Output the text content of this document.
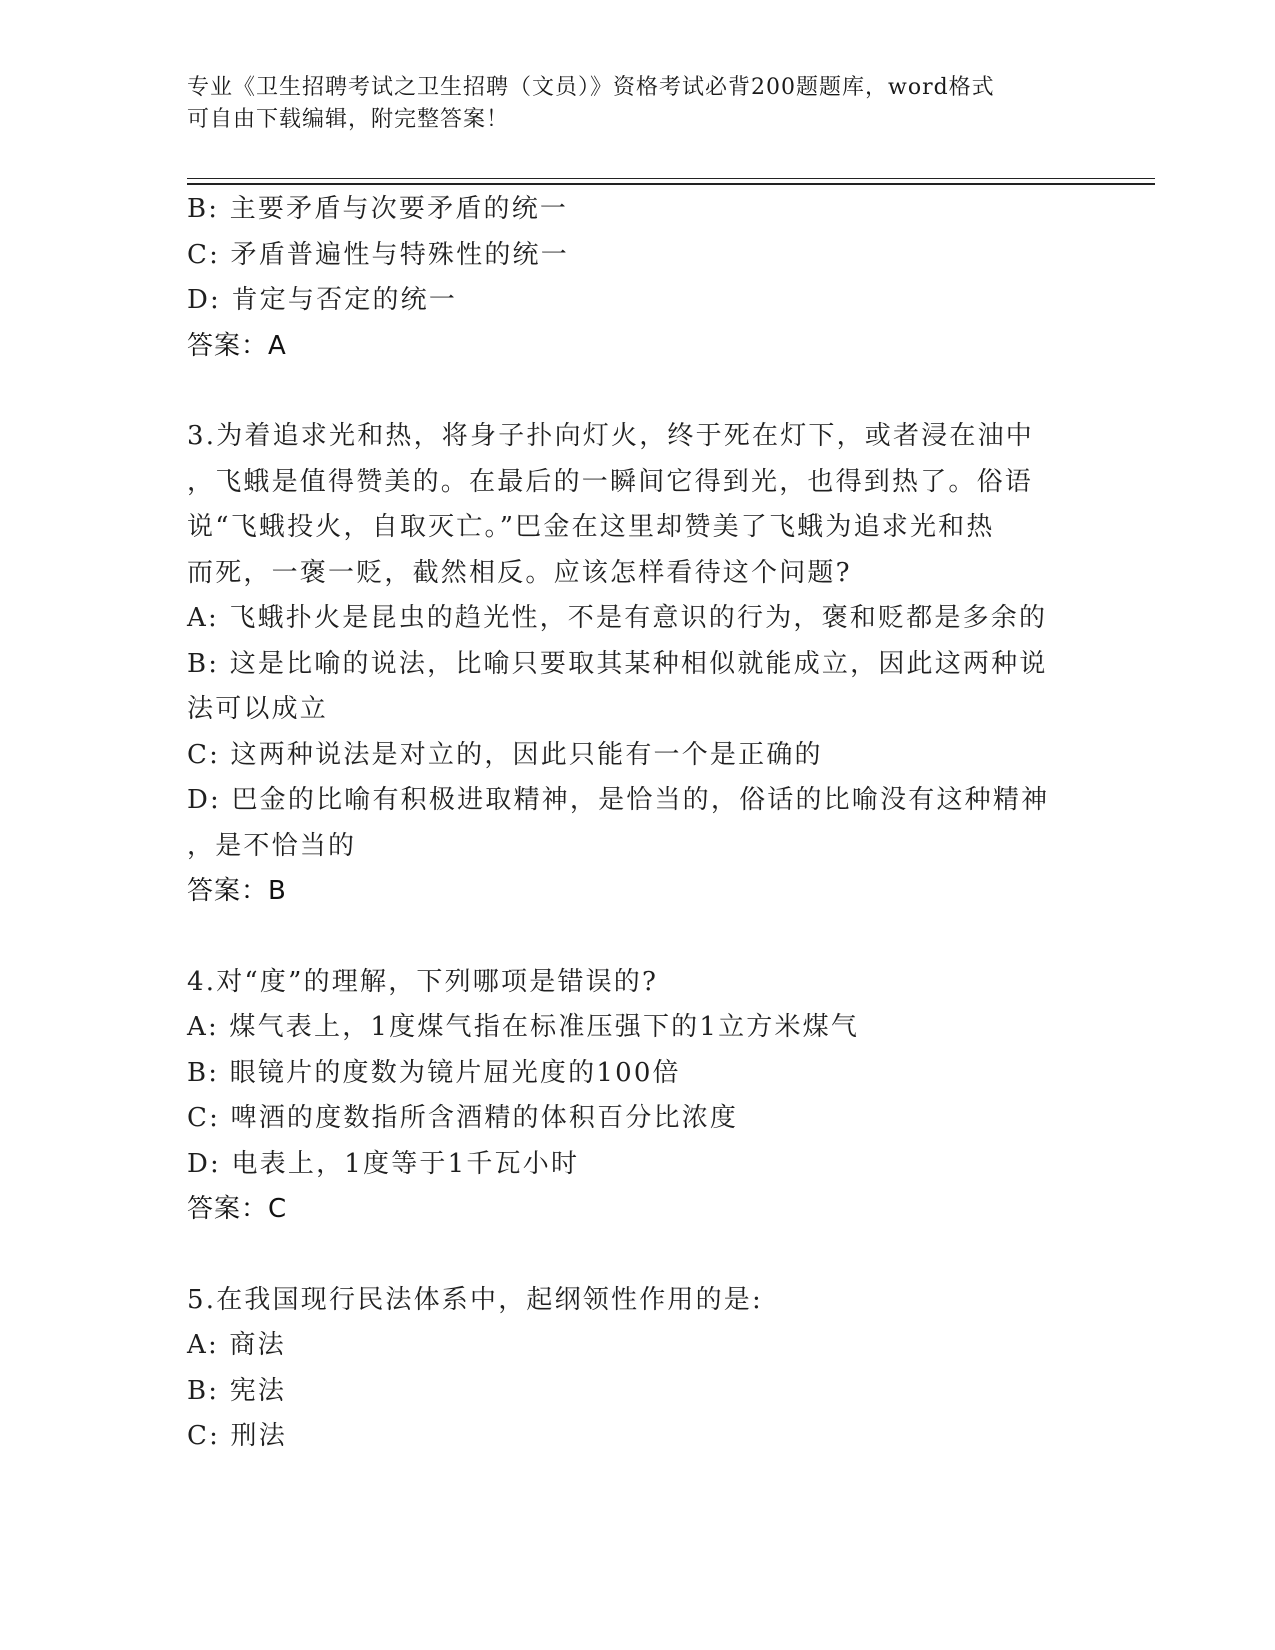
专业《卫生招聘考试之卫生招聘（文员）》资格考试必背200题题库，word格式
可自由下载编辑，附完整答案！
B: 主要矛盾与次要矛盾的统一
C: 矛盾普遍性与特殊性的统一
D: 肯定与否定的统一
答案：A
3.为着追求光和热，将身子扑向灯火，终于死在灯下，或者浸在油中
，飞蛾是值得赞美的。在最后的一瞬间它得到光，也得到热了。俗语
说“飞蛾投火，自取灭亡。”巴金在这里却赞美了飞蛾为追求光和热
而死，一褒一贬，截然相反。应该怎样看待这个问题?
A: 飞蛾扑火是昆虫的趋光性，不是有意识的行为，褒和贬都是多余的
B: 这是比喻的说法，比喻只要取其某种相似就能成立，因此这两种说
法可以成立
C: 这两种说法是对立的，因此只能有一个是正确的
D: 巴金的比喻有积极进取精神，是恰当的，俗话的比喻没有这种精神
，是不恰当的
答案：B
4.对“度”的理解，下列哪项是错误的?
A: 煤气表上，1度煤气指在标准压强下的1立方米煤气
B: 眼镜片的度数为镜片屈光度的100倍
C: 啤酒的度数指所含酒精的体积百分比浓度
D: 电表上，1度等于1千瓦小时
答案：C
5.在我国现行民法体系中，起纲领性作用的是:
A: 商法
B: 宪法
C: 刑法
